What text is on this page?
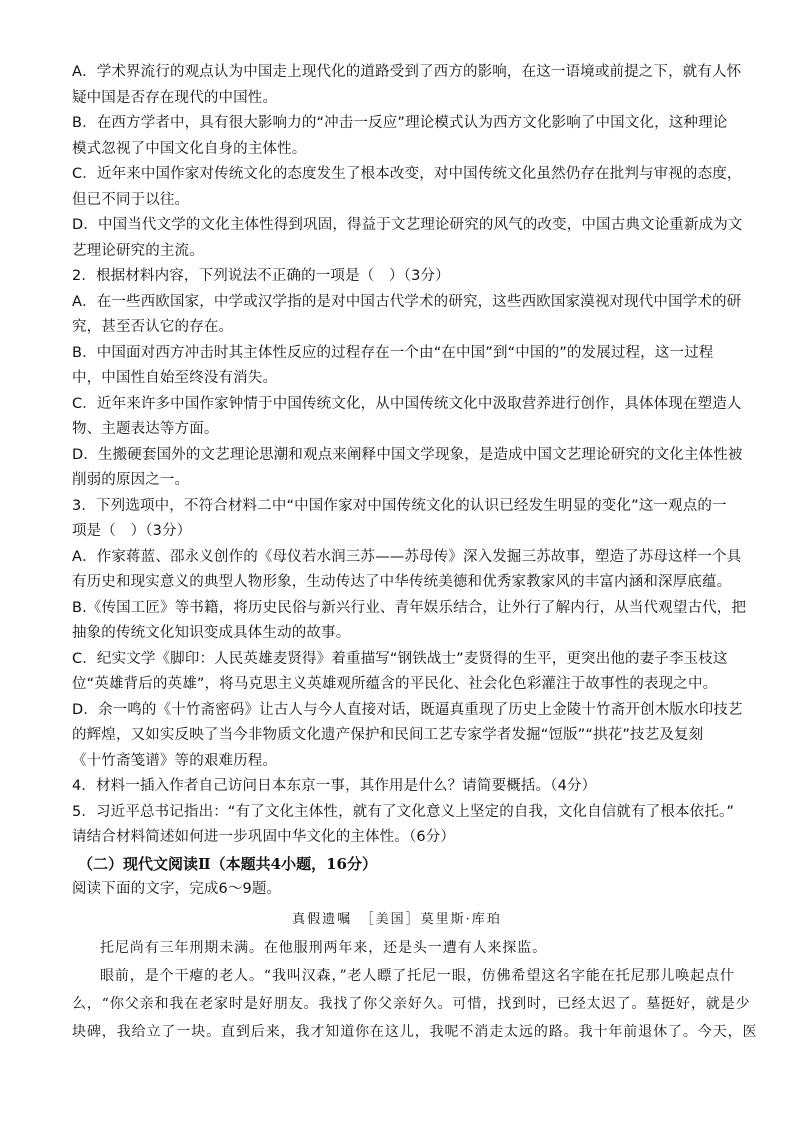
A．学术界流行的观点认为中国走上现代化的道路受到了西方的影响，在这一语境或前提之下，就有人怀
疑中国是否存在现代的中国性。
B．在西方学者中，具有很大影响力的“冲击一反应”理论模式认为西方文化影响了中国文化，这种理论
模式忽视了中国文化自身的主体性。
C．近年来中国作家对传统文化的态度发生了根本改变，对中国传统文化虽然仍存在批判与审视的态度，
但已不同于以往。
D．中国当代文学的文化主体性得到巩固，得益于文艺理论研究的风气的改变，中国古典文论重新成为文
艺理论研究的主流。
2．根据材料内容，下列说法不正确的一项是（　）（3分）
A．在一些西欧国家，中学或汉学指的是对中国古代学术的研究，这些西欧国家漠视对现代中国学术的研
究，甚至否认它的存在。
B．中国面对西方冲击时其主体性反应的过程存在一个由“在中国”到“中国的”的发展过程，这一过程
中，中国性自始至终没有消失。
C．近年来许多中国作家钟情于中国传统文化，从中国传统文化中汲取营养进行创作，具体体现在塑造人
物、主题表达等方面。
D．生搬硬套国外的文艺理论思潮和观点来阐释中国文学现象，是造成中国文艺理论研究的文化主体性被
削弱的原因之一。
3．下列选项中，不符合材料二中“中国作家对中国传统文化的认识已经发生明显的变化”这一观点的一
项是（　）（3分）
A．作家蒋蓝、邵永义创作的《母仪若水润三苏——苏母传》深入发掘三苏故事，塑造了苏母这样一个具
有历史和现实意义的典型人物形象，生动传达了中华传统美德和优秀家教家风的丰富内涵和深厚底蕴。
B.《传国工匠》等书籍，将历史民俗与新兴行业、青年娱乐结合，让外行了解内行，从当代观望古代，把
抽象的传统文化知识变成具体生动的故事。
C．纪实文学《脚印：人民英雄麦贤得》着重描写“钢铁战士”麦贤得的生平，更突出他的妻子李玉枝这
位“英雄背后的英雄”，将马克思主义英雄观所蕴含的平民化、社会化色彩灌注于故事性的表现之中。
D．余一鸣的《十竹斋密码》让古人与今人直接对话，既逼真重现了历史上金陵十竹斋开创木版水印技艺
的辉煌，又如实反映了当今非物质文化遗产保护和民间工艺专家学者发掘“饾版”“拱花”技艺及复刻
《十竹斋笺谱》等的艰难历程。
4．材料一插入作者自己访问日本东京一事，其作用是什么？请简要概括。（4分）
5．习近平总书记指出：“有了文化主体性，就有了文化意义上坚定的自我，文化自信就有了根本依托。”
请结合材料简述如何进一步巩固中华文化的主体性。（6分）
（二）现代文阅读Ⅱ（本题共4小题，16分）
阅读下面的文字，完成6～9题。
真假遗嘱　［美国］莫里斯·库珀
托尼尚有三年刑期未满。在他服刑两年来，还是头一遭有人来探监。
眼前，是个干瘪的老人。“我叫汉森，”老人瞟了托尼一眼，仿佛希望这名字能在托尼那儿唤起点什
么，“你父亲和我在老家时是好朋友。我找了你父亲好久。可惜，找到时，已经太迟了。墓挺好，就是少
块碑，我给立了一块。直到后来，我才知道你在这儿，我呢不消走太远的路。我十年前退休了。今天，医
